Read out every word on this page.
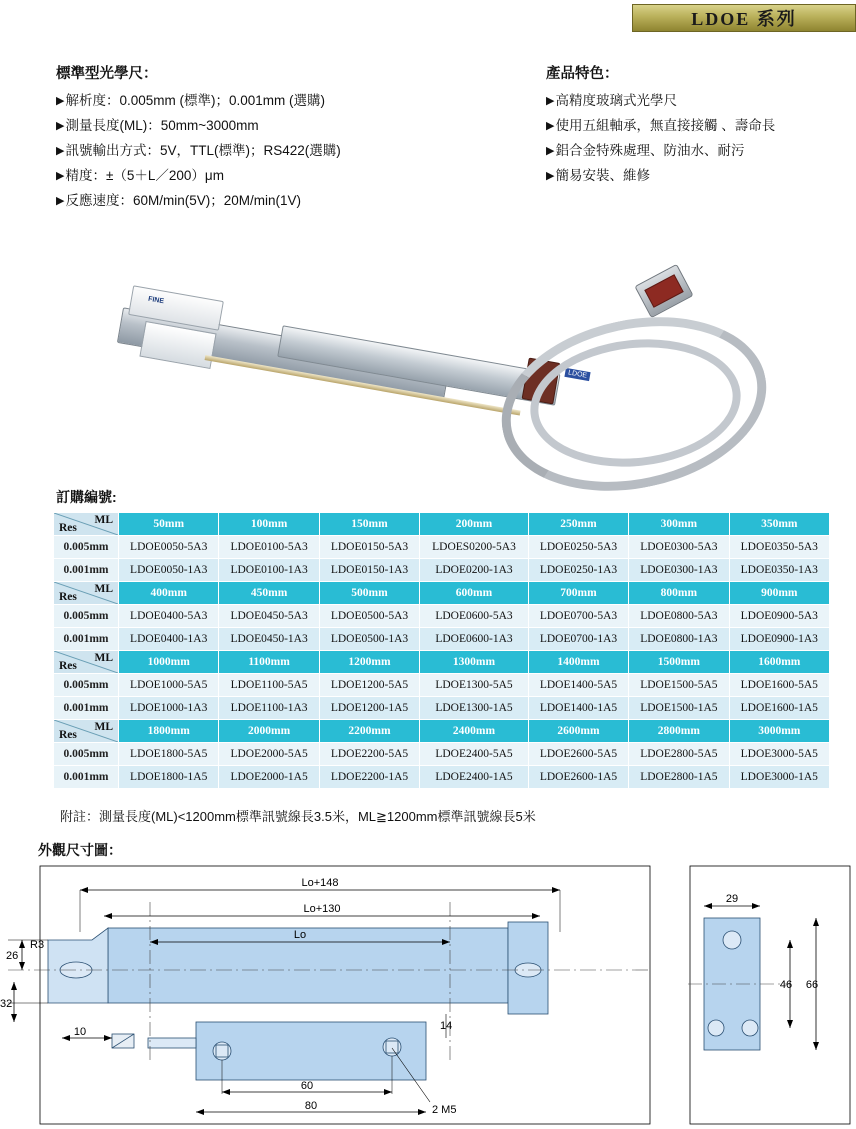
LDOE 系列
標準型光學尺：
▶解析度：0.005mm (標準)；0.001mm (選購)
▶測量長度(ML)：50mm~3000mm
▶訊號輸出方式：5V，TTL(標準)；RS422(選購)
▶精度：±（5＋L／200）μm
▶反應速度：60M/min(5V)；20M/min(1V)
產品特色：
▶高精度玻璃式光學尺
▶使用五組軸承，無直接接觸 、壽命長
▶鋁合金特殊處理、防油水、耐污
▶簡易安裝、維修
FINE
LDOE
訂購編號:
ML
Res	50mm	100mm	150mm	200mm	250mm	300mm	350mm
0.005mm	LDOE0050-5A3	LDOE0100-5A3	LDOE0150-5A3	LDOES0200-5A3	LDOE0250-5A3	LDOE0300-5A3	LDOE0350-5A3
0.001mm	LDOE0050-1A3	LDOE0100-1A3	LDOE0150-1A3	LDOE0200-1A3	LDOE0250-1A3	LDOE0300-1A3	LDOE0350-1A3

ML
Res	400mm	450mm	500mm	600mm	700mm	800mm	900mm
0.005mm	LDOE0400-5A3	LDOE0450-5A3	LDOE0500-5A3	LDOE0600-5A3	LDOE0700-5A3	LDOE0800-5A3	LDOE0900-5A3
0.001mm	LDOE0400-1A3	LDOE0450-1A3	LDOE0500-1A3	LDOE0600-1A3	LDOE0700-1A3	LDOE0800-1A3	LDOE0900-1A3

ML
Res	1000mm	1100mm	1200mm	1300mm	1400mm	1500mm	1600mm
0.005mm	LDOE1000-5A5	LDOE1100-5A5	LDOE1200-5A5	LDOE1300-5A5	LDOE1400-5A5	LDOE1500-5A5	LDOE1600-5A5
0.001mm	LDOE1000-1A3	LDOE1100-1A3	LDOE1200-1A5	LDOE1300-1A5	LDOE1400-1A5	LDOE1500-1A5	LDOE1600-1A5

ML
Res	1800mm	2000mm	2200mm	2400mm	2600mm	2800mm	3000mm
0.005mm	LDOE1800-5A5	LDOE2000-5A5	LDOE2200-5A5	LDOE2400-5A5	LDOE2600-5A5	LDOE2800-5A5	LDOE3000-5A5
0.001mm	LDOE1800-1A5	LDOE2000-1A5	LDOE2200-1A5	LDOE2400-1A5	LDOE2600-1A5	LDOE2800-1A5	LDOE3000-1A5
附註：測量長度(ML)<1200mm標準訊號線長3.5米，ML≧1200mm標準訊號線長5米
外觀尺寸圖：
Lo+148
Lo+130
Lo
R3
26
32
10
60
80
14
2 M5
29
46 66
